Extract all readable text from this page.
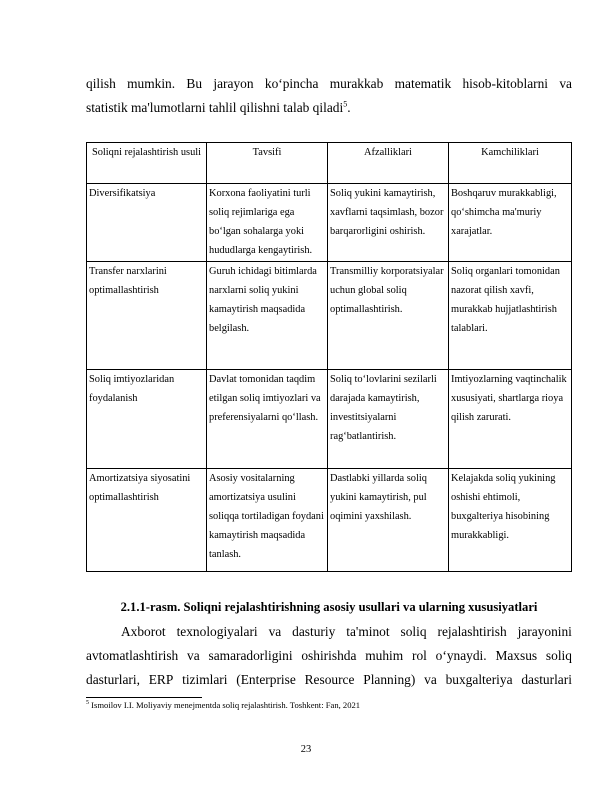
qilish mumkin. Bu jarayon ko‘pincha murakkab matematik hisob-kitoblarni va
statistik ma'lumotlarni tahlil qilishni talab qiladi$^5$.
Soliqni rejalashtirish usuli	Tavsifi	Afzalliklari	Kamchiliklari
Diversifikatsiya	Korxona faoliyatini turli soliq rejimlariga ega bo‘lgan sohalarga yoki hududlarga kengaytirish.	Soliq yukini kamaytirish, xavflarni taqsimlash, bozor barqarorligini oshirish.	Boshqaruv murakkabligi, qo‘shimcha ma'muriy xarajatlar.
Transfer narxlarini optimallashtirish	Guruh ichidagi bitimlarda narxlarni soliq yukini kamaytirish maqsadida belgilash.	Transmilliy korporatsiyalar uchun global soliq optimallashtirish.	Soliq organlari tomonidan nazorat qilish xavfi, murakkab hujjatlashtirish talablari.
Soliq imtiyozlaridan foydalanish	Davlat tomonidan taqdim etilgan soliq imtiyozlari va preferensiyalarni qo‘llash.	Soliq to‘lovlarini sezilarli darajada kamaytirish, investitsiyalarni rag‘batlantirish.	Imtiyozlarning vaqtinchalik xususiyati, shartlarga rioya qilish zarurati.
Amortizatsiya siyosatini optimallashtirish	Asosiy vositalarning amortizatsiya usulini soliqqa tortiladigan foydani kamaytirish maqsadida tanlash.	Dastlabki yillarda soliq yukini kamaytirish, pul oqimini yaxshilash.	Kelajakda soliq yukining oshishi ehtimoli, buxgalteriya hisobining murakkabligi.
2.1.1-rasm. Soliqni rejalashtirishning asosiy usullari va ularning xususiyatlari
Axborot texnologiyalari va dasturiy ta'minot soliq rejalashtirish jarayonini
avtomatlashtirish va samaradorligini oshirishda muhim rol o‘ynaydi. Maxsus soliq
dasturlari, ERP tizimlari (Enterprise Resource Planning) va buxgalteriya dasturlari
$^5$ Ismoilov I.I. Moliyaviy menejmentda soliq rejalashtirish. Toshkent: Fan, 2021
23
